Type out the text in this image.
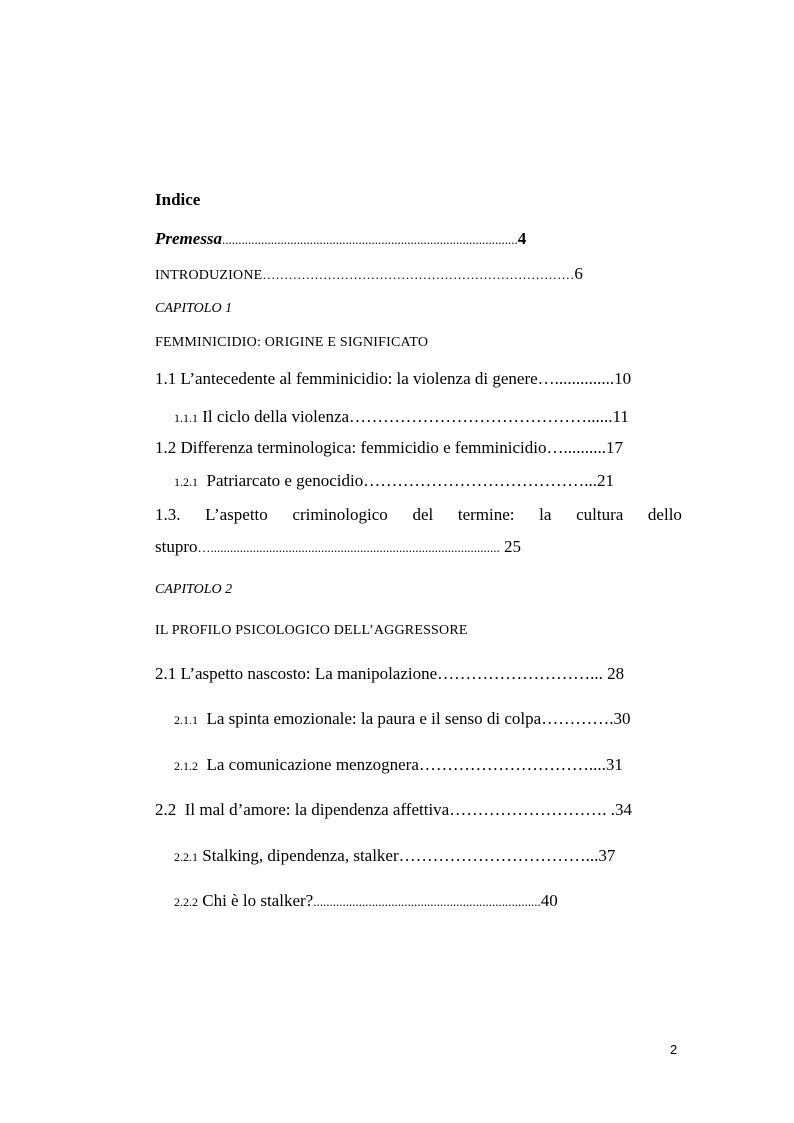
Indice
Premessa...........................................................................................4
INTRODUZIONE………………………………………………………………6
CAPITOLO 1
FEMMINICIDIO: ORIGINE E SIGNIFICATO
1.1 L’antecedente al femminicidio: la violenza di genere…..............10
1.1.1 Il ciclo della violenza……………………………………......11
1.2 Differenza terminologica: femmicidio e femminicidio…..........17
1.2.1 Patriarcato e genocidio…………………………………...21
1.3. L’aspetto criminologico del termine: la cultura dello
stupro…......................................................................................... 25
CAPITOLO 2
IL PROFILO PSICOLOGICO DELL’AGGRESSORE
2.1 L’aspetto nascosto: La manipolazione………………………... 28
2.1.1 La spinta emozionale: la paura e il senso di colpa………….30
2.1.2 La comunicazione menzognera…………………………....31
2.2  Il mal d’amore: la dipendenza affettiva………………………. .34
2.2.1 Stalking, dipendenza, stalker……………………………...37
2.2.2 Chi è lo stalker?......................................................................40
2
